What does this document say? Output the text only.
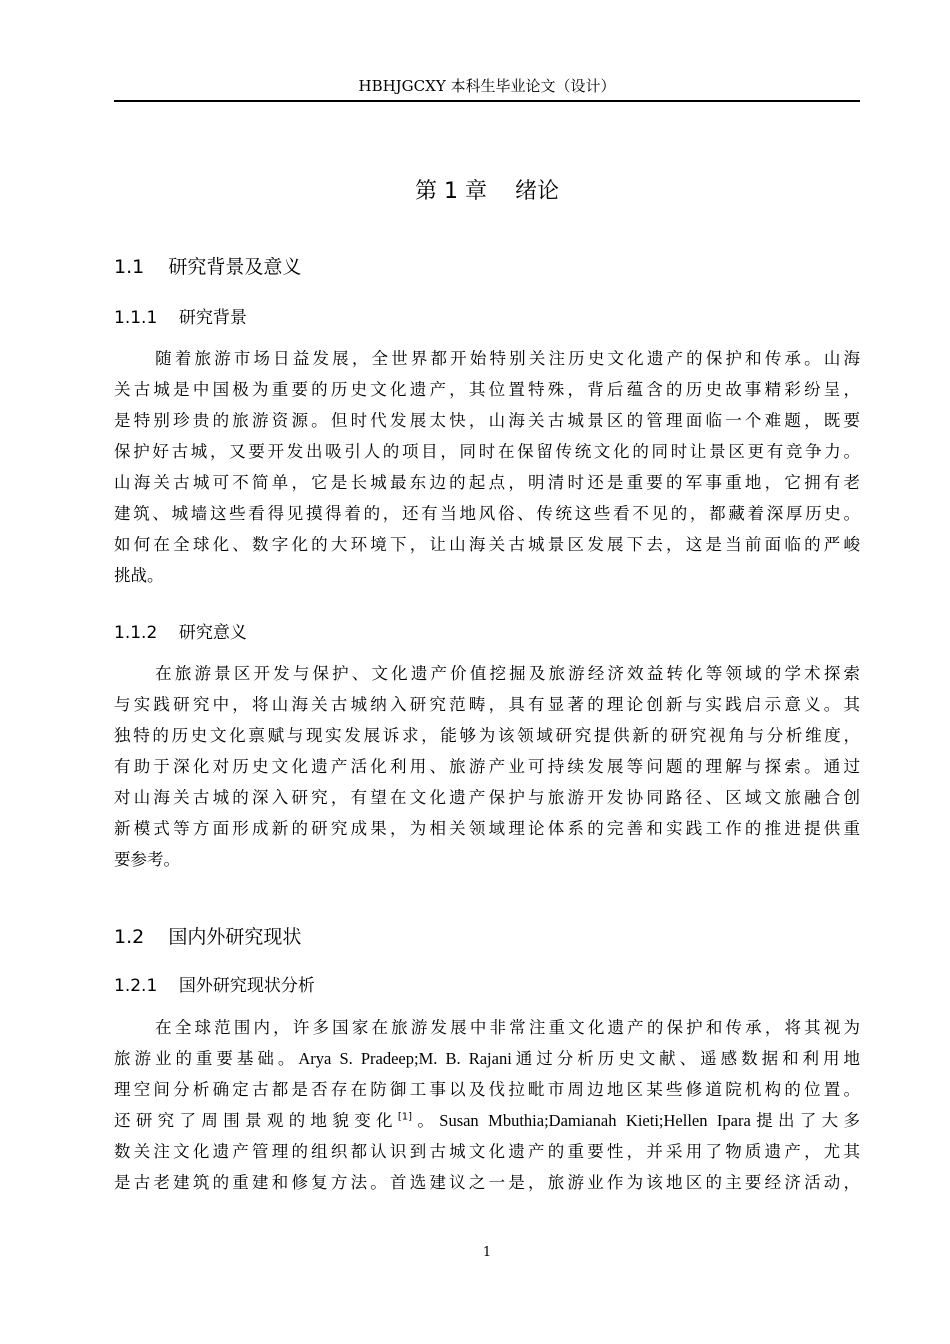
HBHJGCXY 本科生毕业论文（设计）
第 1 章    绪论
1.1    研究背景及意义
1.1.1    研究背景
随着旅游市场日益发展，全世界都开始特别关注历史文化遗产的保护和传承。山海
关古城是中国极为重要的历史文化遗产，其位置特殊，背后蕴含的历史故事精彩纷呈，
是特别珍贵的旅游资源。但时代发展太快，山海关古城景区的管理面临一个难题，既要
保护好古城，又要开发出吸引人的项目，同时在保留传统文化的同时让景区更有竞争力。
山海关古城可不简单，它是长城最东边的起点，明清时还是重要的军事重地，它拥有老
建筑、城墙这些看得见摸得着的，还有当地风俗、传统这些看不见的，都藏着深厚历史。
如何在全球化、数字化的大环境下，让山海关古城景区发展下去，这是当前面临的严峻
挑战。
1.1.2    研究意义
在旅游景区开发与保护、文化遗产价值挖掘及旅游经济效益转化等领域的学术探索
与实践研究中，将山海关古城纳入研究范畴，具有显著的理论创新与实践启示意义。其
独特的历史文化禀赋与现实发展诉求，能够为该领域研究提供新的研究视角与分析维度，
有助于深化对历史文化遗产活化利用、旅游产业可持续发展等问题的理解与探索。通过
对山海关古城的深入研究，有望在文化遗产保护与旅游开发协同路径、区域文旅融合创
新模式等方面形成新的研究成果，为相关领域理论体系的完善和实践工作的推进提供重
要参考。
1.2    国内外研究现状
1.2.1    国外研究现状分析
在全球范围内，许多国家在旅游发展中非常注重文化遗产的保护和传承，将其视为
旅游业的重要基础。Arya S. Pradeep;M. B. Rajani通过分析历史文献、遥感数据和利用地
理空间分析确定古都是否存在防御工事以及伐拉毗市周边地区某些修道院机构的位置。
还研究了周围景观的地貌变化[1]。Susan Mbuthia;Damianah Kieti;Hellen Ipara提出了大多
数关注文化遗产管理的组织都认识到古城文化遗产的重要性，并采用了物质遗产，尤其
是古老建筑的重建和修复方法。首选建议之一是，旅游业作为该地区的主要经济活动，
1
